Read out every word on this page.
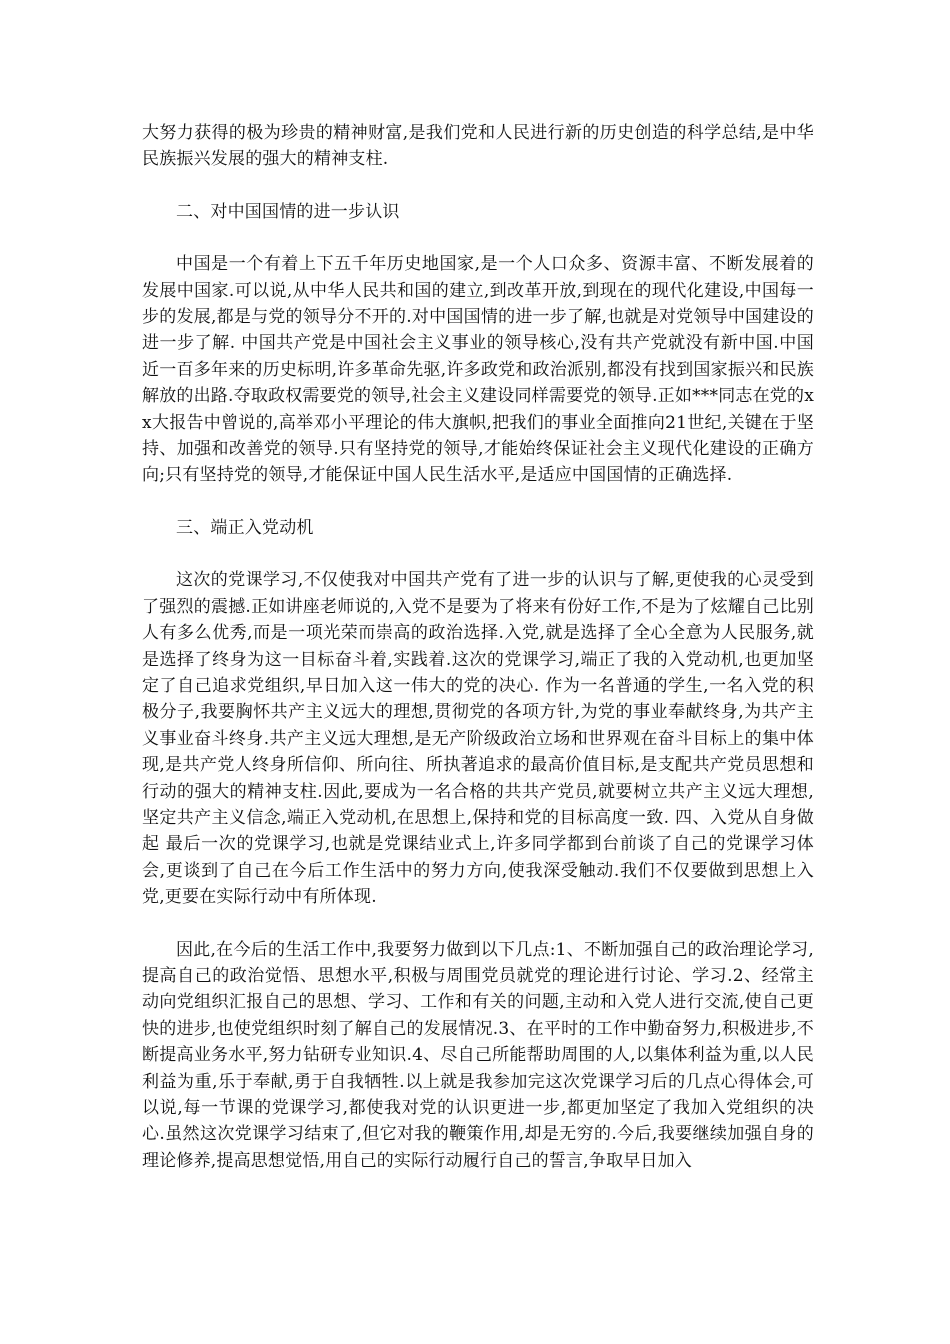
大努力获得的极为珍贵的精神财富,是我们党和人民进行新的历史创造的科学总结,是中华民族振兴发展的强大的精神支柱.

二、对中国国情的进一步认识

中国是一个有着上下五千年历史地国家,是一个人口众多、资源丰富、不断发展着的发展中国家.可以说,从中华人民共和国的建立,到改革开放,到现在的现代化建设,中国每一步的发展,都是与党的领导分不开的.对中国国情的进一步了解,也就是对党领导中国建设的进一步了解. 中国共产党是中国社会主义事业的领导核心,没有共产党就没有新中国.中国近一百多年来的历史标明,许多革命先驱,许多政党和政治派别,都没有找到国家振兴和民族解放的出路.夺取政权需要党的领导,社会主义建设同样需要党的领导.正如***同志在党的xx大报告中曾说的,高举邓小平理论的伟大旗帜,把我们的事业全面推向21世纪,关键在于坚持、加强和改善党的领导.只有坚持党的领导,才能始终保证社会主义现代化建设的正确方向;只有坚持党的领导,才能保证中国人民生活水平,是适应中国国情的正确选择.

三、端正入党动机

这次的党课学习,不仅使我对中国共产党有了进一步的认识与了解,更使我的心灵受到了强烈的震撼.正如讲座老师说的,入党不是要为了将来有份好工作,不是为了炫耀自己比别人有多么优秀,而是一项光荣而崇高的政治选择.入党,就是选择了全心全意为人民服务,就是选择了终身为这一目标奋斗着,实践着.这次的党课学习,端正了我的入党动机,也更加坚定了自己追求党组织,早日加入这一伟大的党的决心. 作为一名普通的学生,一名入党的积极分子,我要胸怀共产主义远大的理想,贯彻党的各项方针,为党的事业奉献终身,为共产主义事业奋斗终身.共产主义远大理想,是无产阶级政治立场和世界观在奋斗目标上的集中体现,是共产党人终身所信仰、所向往、所执著追求的最高价值目标,是支配共产党员思想和行动的强大的精神支柱.因此,要成为一名合格的共共产党员,就要树立共产主义远大理想,坚定共产主义信念,端正入党动机,在思想上,保持和党的目标高度一致. 四、入党从自身做起 最后一次的党课学习,也就是党课结业式上,许多同学都到台前谈了自己的党课学习体会,更谈到了自己在今后工作生活中的努力方向,使我深受触动.我们不仅要做到思想上入党,更要在实际行动中有所体现.

因此,在今后的生活工作中,我要努力做到以下几点:1、不断加强自己的政治理论学习,提高自己的政治觉悟、思想水平,积极与周围党员就党的理论进行讨论、学习.2、经常主动向党组织汇报自己的思想、学习、工作和有关的问题,主动和入党人进行交流,使自己更快的进步,也使党组织时刻了解自己的发展情况.3、在平时的工作中勤奋努力,积极进步,不断提高业务水平,努力钻研专业知识.4、尽自己所能帮助周围的人,以集体利益为重,以人民利益为重,乐于奉献,勇于自我牺牲.以上就是我参加完这次党课学习后的几点心得体会,可以说,每一节课的党课学习,都使我对党的认识更进一步,都更加坚定了我加入党组织的决心.虽然这次党课学习结束了,但它对我的鞭策作用,却是无穷的.今后,我要继续加强自身的理论修养,提高思想觉悟,用自己的实际行动履行自己的誓言,争取早日加入
